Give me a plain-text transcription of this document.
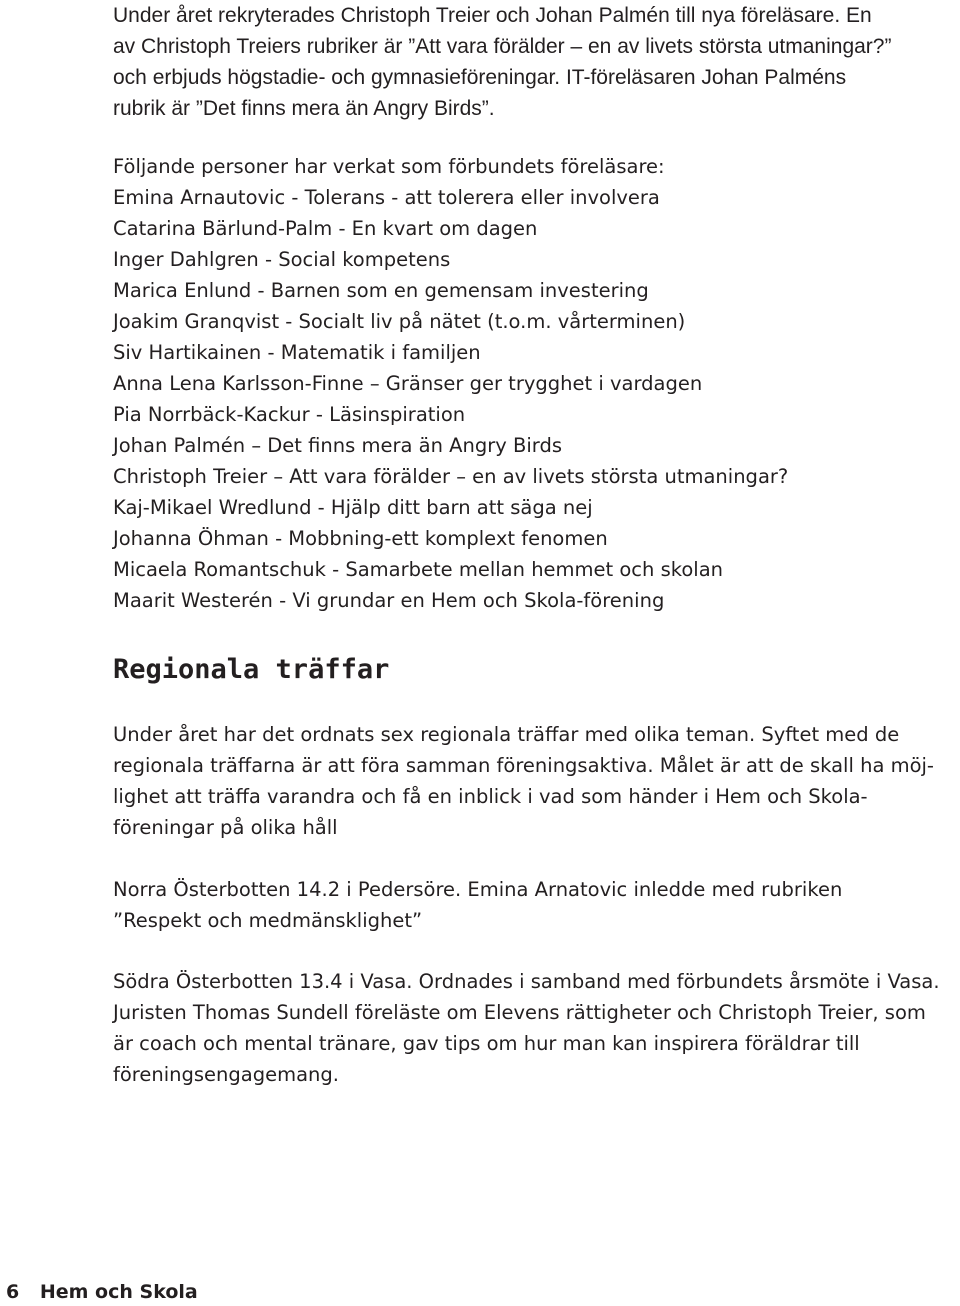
Under året rekryterades Christoph Treier och Johan Palmén till nya föreläsare. En
av Christoph Treiers rubriker är ”Att vara förälder – en av livets största utmaningar?”
och erbjuds högstadie- och gymnasieföreningar. IT-föreläsaren Johan Palméns
rubrik är ”Det finns mera än Angry Birds”.
Följande personer har verkat som förbundets föreläsare:
Emina Arnautovic - Tolerans - att tolerera eller involvera
Catarina Bärlund-Palm - En kvart om dagen
Inger Dahlgren - Social kompetens
Marica Enlund - Barnen som en gemensam investering
Joakim Granqvist - Socialt liv på nätet (t.o.m. vårterminen)
Siv Hartikainen - Matematik i familjen
Anna Lena Karlsson-Finne – Gränser ger trygghet i vardagen
Pia Norrbäck-Kackur - Läsinspiration
Johan Palmén – Det finns mera än Angry Birds
Christoph Treier – Att vara förälder – en av livets största utmaningar?
Kaj-Mikael Wredlund - Hjälp ditt barn att säga nej
Johanna Öhman - Mobbning-ett komplext fenomen
Micaela Romantschuk - Samarbete mellan hemmet och skolan
Maarit Westerén - Vi grundar en Hem och Skola-förening
Regionala träffar
Under året har det ordnats sex regionala träffar med olika teman. Syftet med de
regionala träffarna är att föra samman föreningsaktiva. Målet är att de skall ha möj-
lighet att träffa varandra och få en inblick i vad som händer i Hem och Skola-
föreningar på olika håll
Norra Österbotten 14.2 i Pedersöre. Emina Arnatovic inledde med rubriken
”Respekt och medmänsklighet”
Södra Österbotten 13.4 i Vasa. Ordnades i samband med förbundets årsmöte i Vasa.
Juristen Thomas Sundell föreläste om Elevens rättigheter och Christoph Treier, som
är coach och mental tränare, gav tips om hur man kan inspirera föräldrar till
föreningsengagemang.
6 Hem och Skola
